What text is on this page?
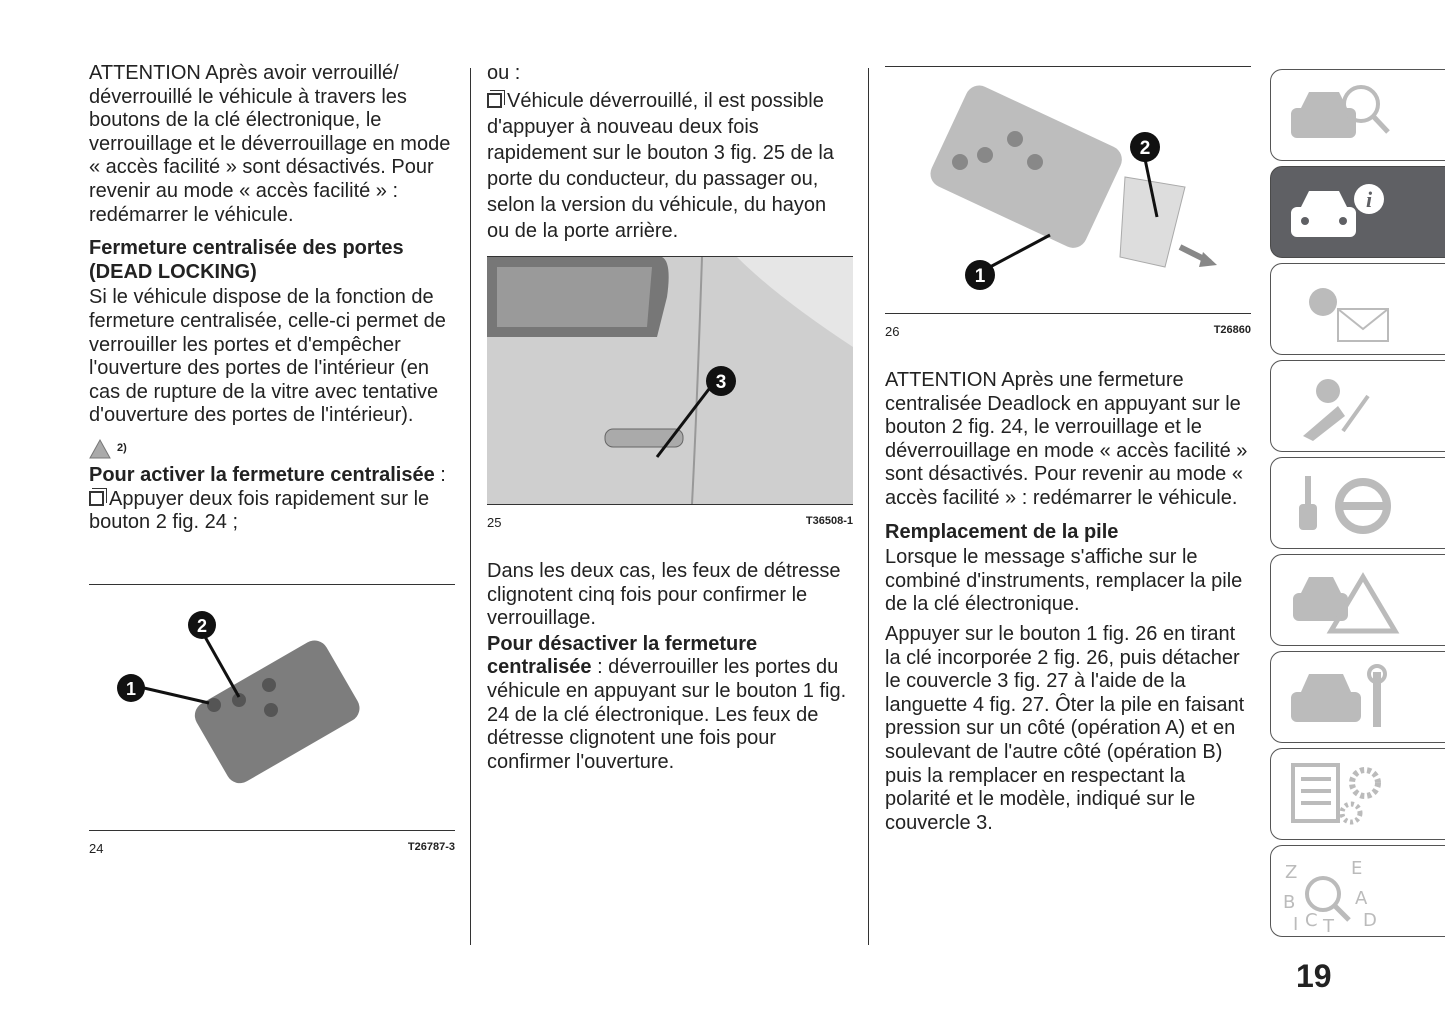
ATTENTION Après avoir verrouillé/ déverrouillé le véhicule à travers les boutons de la clé électronique, le verrouillage et le déverrouillage en mode « accès facilité » sont désactivés. Pour revenir au mode « accès facilité » : redémarrer le véhicule.

Fermeture centralisée des portes (DEAD LOCKING)

Si le véhicule dispose de la fonction de fermeture centralisée, celle-ci permet de verrouiller les portes et d'empêcher l'ouverture des portes de l'intérieur (en cas de rupture de la vitre avec tentative d'ouverture des portes de l'intérieur).

2)

Pour activer la fermeture centralisée :

Appuyer deux fois rapidement sur le bouton 2 fig. 24 ;

1
2
24	T26787-3

ou :

Véhicule déverrouillé, il est possible d'appuyer à nouveau deux fois rapidement sur le bouton 3 fig. 25 de la porte du conducteur, du passager ou, selon la version du véhicule, du hayon ou de la porte arrière.

3
25	T36508-1

Dans les deux cas, les feux de détresse clignotent cinq fois pour confirmer le verrouillage.

Pour désactiver la fermeture centralisée : déverrouiller les portes du véhicule en appuyant sur le bouton 1 fig. 24 de la clé électronique. Les feux de détresse clignotent une fois pour confirmer l'ouverture.

1
2
26	T26860

ATTENTION Après une fermeture centralisée Deadlock en appuyant sur le bouton 2 fig. 24, le verrouillage et le déverrouillage en mode « accès facilité » sont désactivés. Pour revenir au mode « accès facilité » : redémarrer le véhicule.

Remplacement de la pile

Lorsque le message s'affiche sur le combiné d'instruments, remplacer la pile de la clé électronique.

Appuyer sur le bouton 1 fig. 26 en tirant la clé incorporée 2 fig. 26, puis détacher le couvercle 3 fig. 27 à l'aide de la languette 4 fig. 27. Ôter la pile en faisant pression sur un côté (opération A) et en soulevant de l'autre côté (opération B) puis la remplacer en respectant la polarité et le modèle, indiqué sur le couvercle 3.

i
Z	E B	A C T D I
19
